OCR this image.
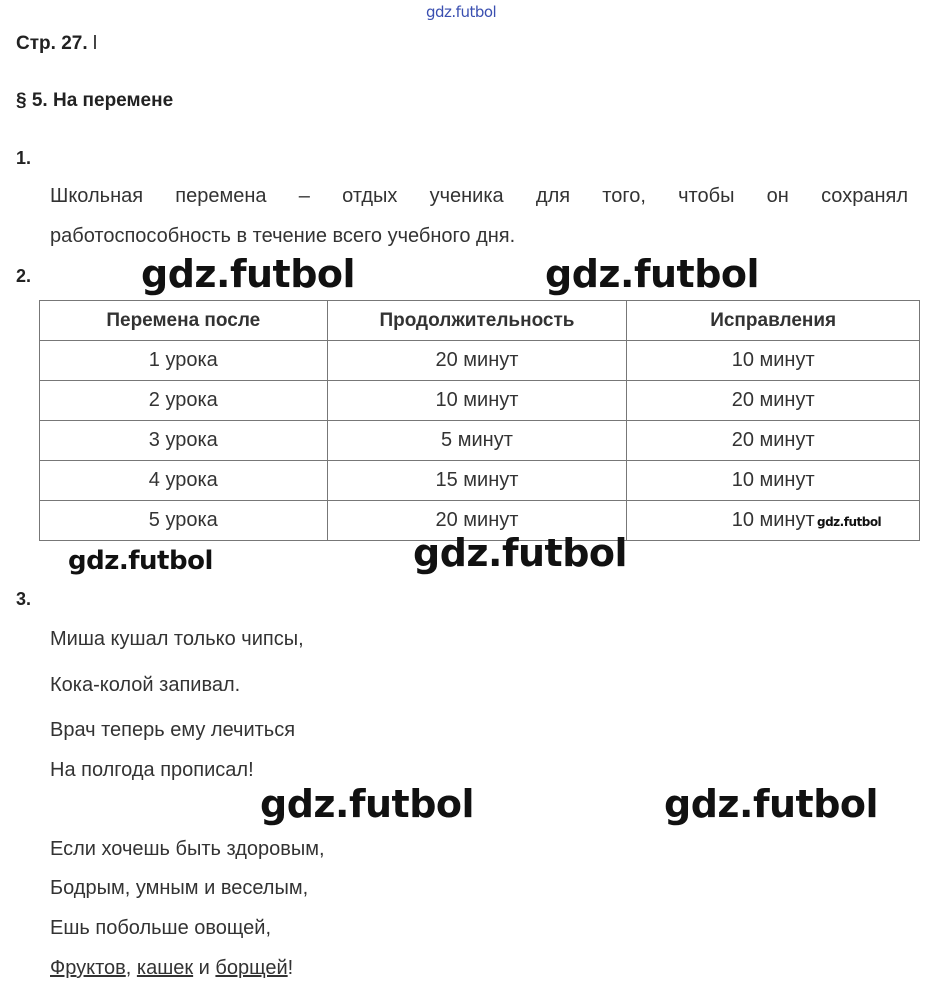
gdz.futbol
Стр. 27. l
§ 5. На перемене
1.
Школьная перемена – отдых ученика для того, чтобы он сохранял
работоспособность в течение всего учебного дня.
2.	gdz.futbol	gdz.futbol
Перемена после	Продолжительность	Исправления
1 урока	20 минут	10 минут
2 урока	10 минут	20 минут
3 урока	5 минут	20 минут
4 урока	15 минут	10 минут
5 урока	20 минут	10 минут gdz.futbol
gdz.futbol	gdz.futbol
3.
Миша кушал только чипсы,
Кока-колой запивал.
Врач теперь ему лечиться
На полгода прописал!
gdz.futbol	gdz.futbol
Если хочешь быть здоровым,
Бодрым, умным и веселым,
Ешь побольше овощей,
Фруктов, кашек и борщей!
